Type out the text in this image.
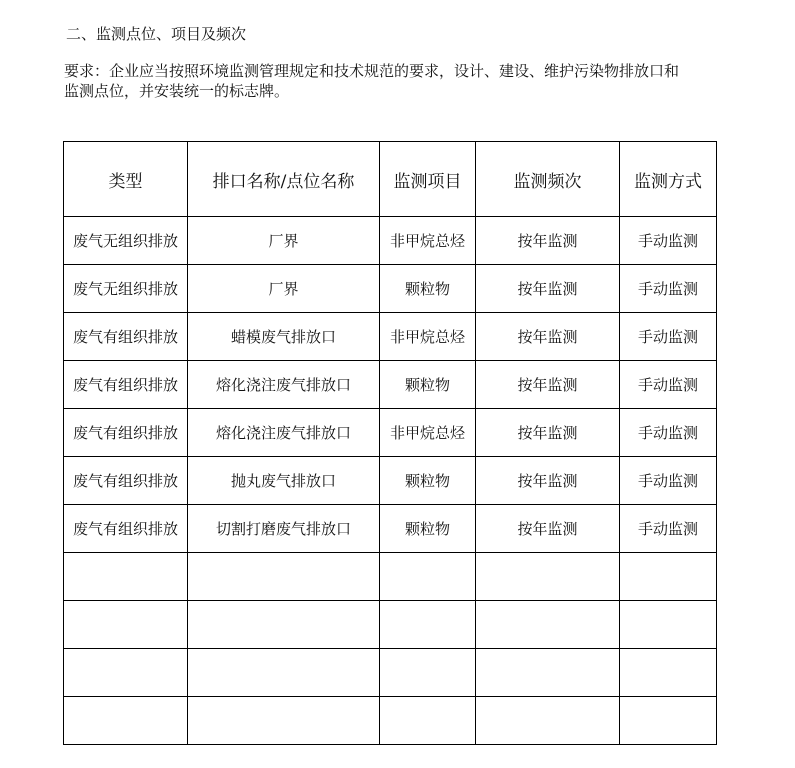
二、监测点位、项目及频次
要求：企业应当按照环境监测管理规定和技术规范的要求，设计、建设、维护污染物排放口和
监测点位，并安装统一的标志牌。
类型	排口名称/点位名称	监测项目	监测频次	监测方式
废气无组织排放	厂界	非甲烷总烃	按年监测	手动监测
废气无组织排放	厂界	颗粒物	按年监测	手动监测
废气有组织排放	蜡模废气排放口	非甲烷总烃	按年监测	手动监测
废气有组织排放	熔化浇注废气排放口	颗粒物	按年监测	手动监测
废气有组织排放	熔化浇注废气排放口	非甲烷总烃	按年监测	手动监测
废气有组织排放	抛丸废气排放口	颗粒物	按年监测	手动监测
废气有组织排放	切割打磨废气排放口	颗粒物	按年监测	手动监测
